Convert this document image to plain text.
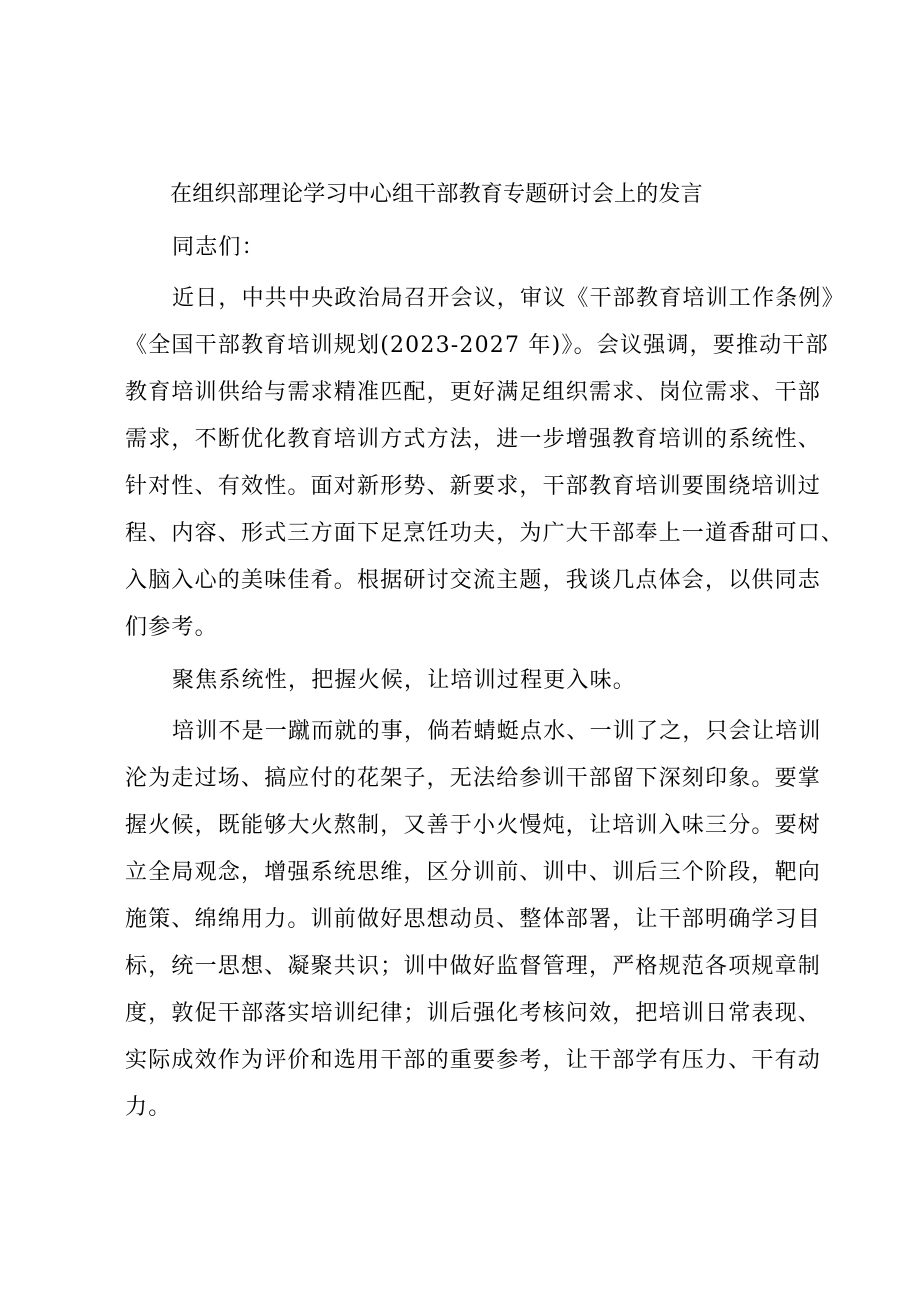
在组织部理论学习中心组干部教育专题研讨会上的发言
同志们：
近日，中共中央政治局召开会议，审议《干部教育培训工作条例》
《全国干部教育培训规划(2023-2027 年)》。会议强调，要推动干部
教育培训供给与需求精准匹配，更好满足组织需求、岗位需求、干部
需求，不断优化教育培训方式方法，进一步增强教育培训的系统性、
针对性、有效性。面对新形势、新要求，干部教育培训要围绕培训过
程、内容、形式三方面下足烹饪功夫，为广大干部奉上一道香甜可口、
入脑入心的美味佳肴。根据研讨交流主题，我谈几点体会，以供同志
们参考。
聚焦系统性，把握火候，让培训过程更入味。
培训不是一蹴而就的事，倘若蜻蜓点水、一训了之，只会让培训
沦为走过场、搞应付的花架子，无法给参训干部留下深刻印象。要掌
握火候，既能够大火熬制，又善于小火慢炖，让培训入味三分。要树
立全局观念，增强系统思维，区分训前、训中、训后三个阶段，靶向
施策、绵绵用力。训前做好思想动员、整体部署，让干部明确学习目
标，统一思想、凝聚共识；训中做好监督管理，严格规范各项规章制
度，敦促干部落实培训纪律；训后强化考核问效，把培训日常表现、
实际成效作为评价和选用干部的重要参考，让干部学有压力、干有动
力。
